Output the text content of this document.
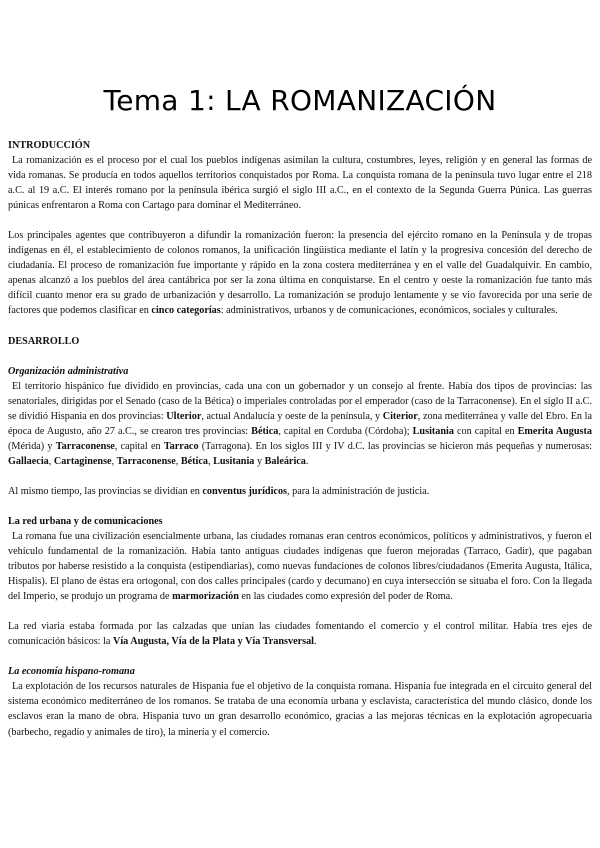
Tema 1: LA ROMANIZACIÓN

INTRODUCCIÓN

La romanización es el proceso por el cual los pueblos indígenas asimilan la cultura, costumbres, leyes, religión y en general las formas de vida romanas. Se producía en todos aquellos territorios conquistados por Roma. La conquista romana de la península tuvo lugar entre el 218 a.C. al 19 a.C. El interés romano por la península ibérica surgió el siglo III a.C., en el contexto de la Segunda Guerra Púnica. Las guerras púnicas enfrentaron a Roma con Cartago para dominar el Mediterráneo.

Los principales agentes que contribuyeron a difundir la romanización fueron: la presencia del ejército romano en la Península y de tropas indígenas en él, el establecimiento de colonos romanos, la unificación lingüística mediante el latín y la progresiva concesión del derecho de ciudadanía. El proceso de romanización fue importante y rápido en la zona costera mediterránea y en el valle del Guadalquivir. En cambio, apenas alcanzó a los pueblos del área cantábrica por ser la zona última en conquistarse. En el centro y oeste la romanización fue tanto más difícil cuanto menor era su grado de urbanización y desarrollo. La romanización se produjo lentamente y se vio favorecida por una serie de factores que podemos clasificar en cinco categorías: administrativos, urbanos y de comunicaciones, económicos, sociales y culturales.

DESARROLLO

Organización administrativa

El territorio hispánico fue dividido en provincias, cada una con un gobernador y un consejo al frente. Había dos tipos de provincias: las senatoriales, dirigidas por el Senado (caso de la Bética) o imperiales controladas por el emperador (caso de la Tarraconense). En el siglo II a.C. se dividió Hispania en dos provincias: Ulterior, actual Andalucía y oeste de la península, y Citerior, zona mediterránea y valle del Ebro. En la época de Augusto, año 27 a.C., se crearon tres provincias: Bética, capital en Corduba (Córdoba); Lusitania con capital en Emerita Augusta (Mérida) y Tarraconense, capital en Tarraco (Tarragona). En los siglos III y IV d.C. las provincias se hicieron más pequeñas y numerosas: Gallaecia, Cartaginense, Tarraconense, Bética, Lusitania y Baleárica.

Al mismo tiempo, las provincias se dividían en conventus jurídicos, para la administración de justicia.

La red urbana y de comunicaciones

La romana fue una civilización esencialmente urbana, las ciudades romanas eran centros económicos, políticos y administrativos, y fueron el vehículo fundamental de la romanización. Había tanto antiguas ciudades indígenas que fueron mejoradas (Tarraco, Gadir), que pagaban tributos por haberse resistido a la conquista (estipendiarias), como nuevas fundaciones de colonos libres/ciudadanos (Emerita Augusta, Itálica, Hispalis). El plano de éstas era ortogonal, con dos calles principales (cardo y decumano) en cuya intersección se situaba el foro. Con la llegada del Imperio, se produjo un programa de marmorización en las ciudades como expresión del poder de Roma.

La red viaria estaba formada por las calzadas que unían las ciudades fomentando el comercio y el control militar. Había tres ejes de comunicación básicos: la Vía Augusta, Vía de la Plata y Vía Transversal.

La economía hispano-romana

La explotación de los recursos naturales de Hispania fue el objetivo de la conquista romana. Hispania fue integrada en el circuito general del sistema económico mediterráneo de los romanos. Se trataba de una economía urbana y esclavista, característica del mundo clásico, donde los esclavos eran la mano de obra. Hispania tuvo un gran desarrollo económico, gracias a las mejoras técnicas en la explotación agropecuaria (barbecho, regadío y animales de tiro), la minería y el comercio.
